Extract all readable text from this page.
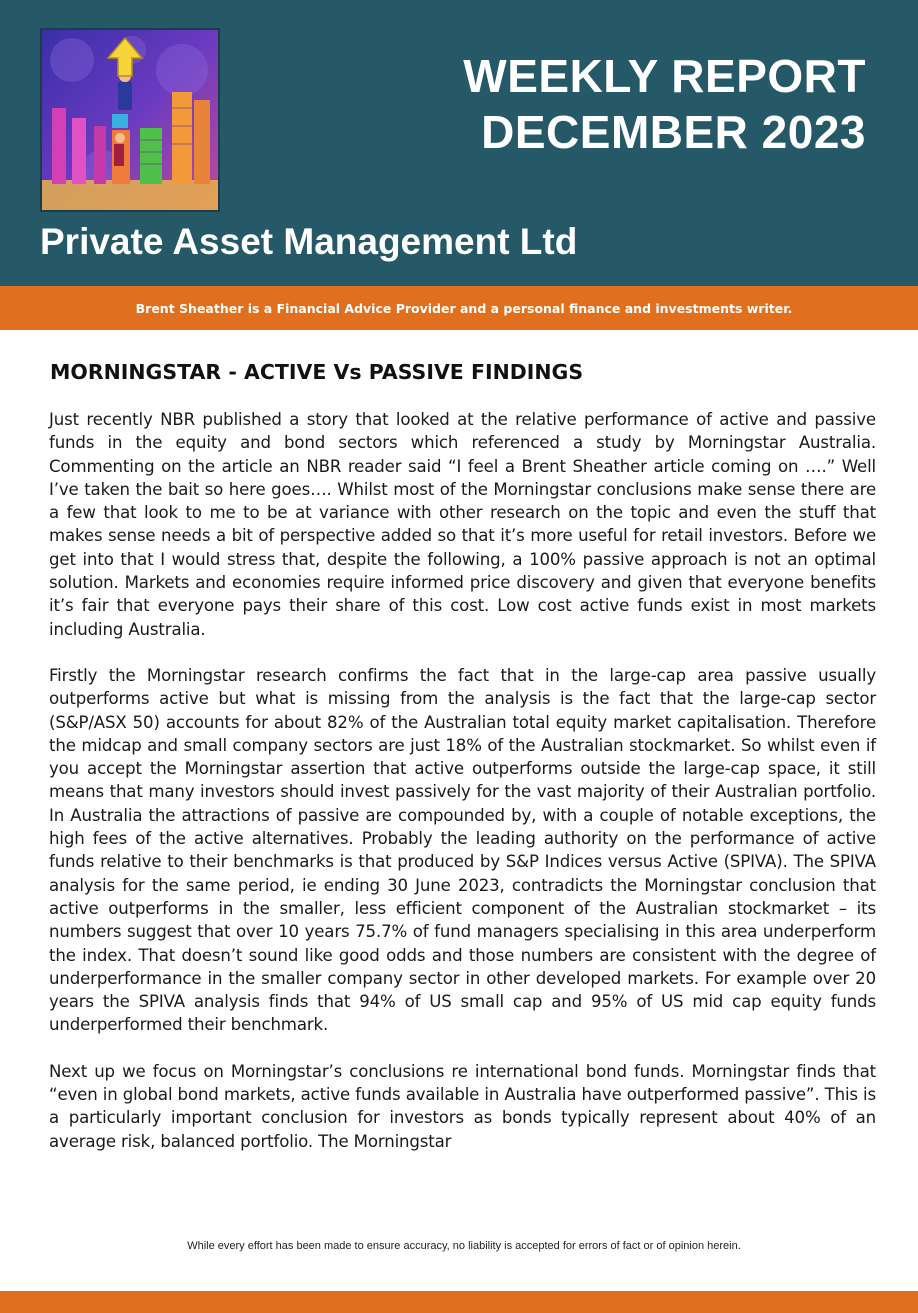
WEEKLY REPORT
DECEMBER 2023
Private Asset Management Ltd
Brent Sheather is a Financial Advice Provider and a personal finance and investments writer.
MORNINGSTAR - ACTIVE Vs PASSIVE FINDINGS

Just recently NBR published a story that looked at the relative performance of active and passive funds in the equity and bond sectors which referenced a study by Morningstar Australia. Commenting on the article an NBR reader said “I feel a Brent Sheather article coming on ….” Well I’ve taken the bait so here goes…. Whilst most of the Morningstar conclusions make sense there are a few that look to me to be at variance with other research on the topic and even the stuff that makes sense needs a bit of perspective added so that it’s more useful for retail investors. Before we get into that I would stress that, despite the following, a 100% passive approach is not an optimal solution. Markets and economies require informed price discovery and given that everyone benefits it’s fair that everyone pays their share of this cost. Low cost active funds exist in most markets including Australia.

Firstly the Morningstar research confirms the fact that in the large-cap area passive usually outperforms active but what is missing from the analysis is the fact that the large-cap sector (S&P/ASX 50) accounts for about 82% of the Australian total equity market capitalisation. Therefore the midcap and small company sectors are just 18% of the Australian stockmarket. So whilst even if you accept the Morningstar assertion that active outperforms outside the large-cap space, it still means that many investors should invest passively for the vast majority of their Australian portfolio. In Australia the attractions of passive are compounded by, with a couple of notable exceptions, the high fees of the active alternatives. Probably the leading authority on the performance of active funds relative to their benchmarks is that produced by S&P Indices versus Active (SPIVA). The SPIVA analysis for the same period, ie ending 30 June 2023, contradicts the Morningstar conclusion that active outperforms in the smaller, less efficient component of the Australian stockmarket – its numbers suggest that over 10 years 75.7% of fund managers specialising in this area underperform the index. That doesn’t sound like good odds and those numbers are consistent with the degree of underperformance in the smaller company sector in other developed markets. For example over 20 years the SPIVA analysis finds that 94% of US small cap and 95% of US mid cap equity funds underperformed their benchmark.

Next up we focus on Morningstar’s conclusions re international bond funds. Morningstar finds that “even in global bond markets, active funds available in Australia have outperformed passive”. This is a particularly important conclusion for investors as bonds typically represent about 40% of an average risk, balanced portfolio. The Morningstar

While every effort has been made to ensure accuracy, no liability is accepted for errors of fact or of opinion herein.
